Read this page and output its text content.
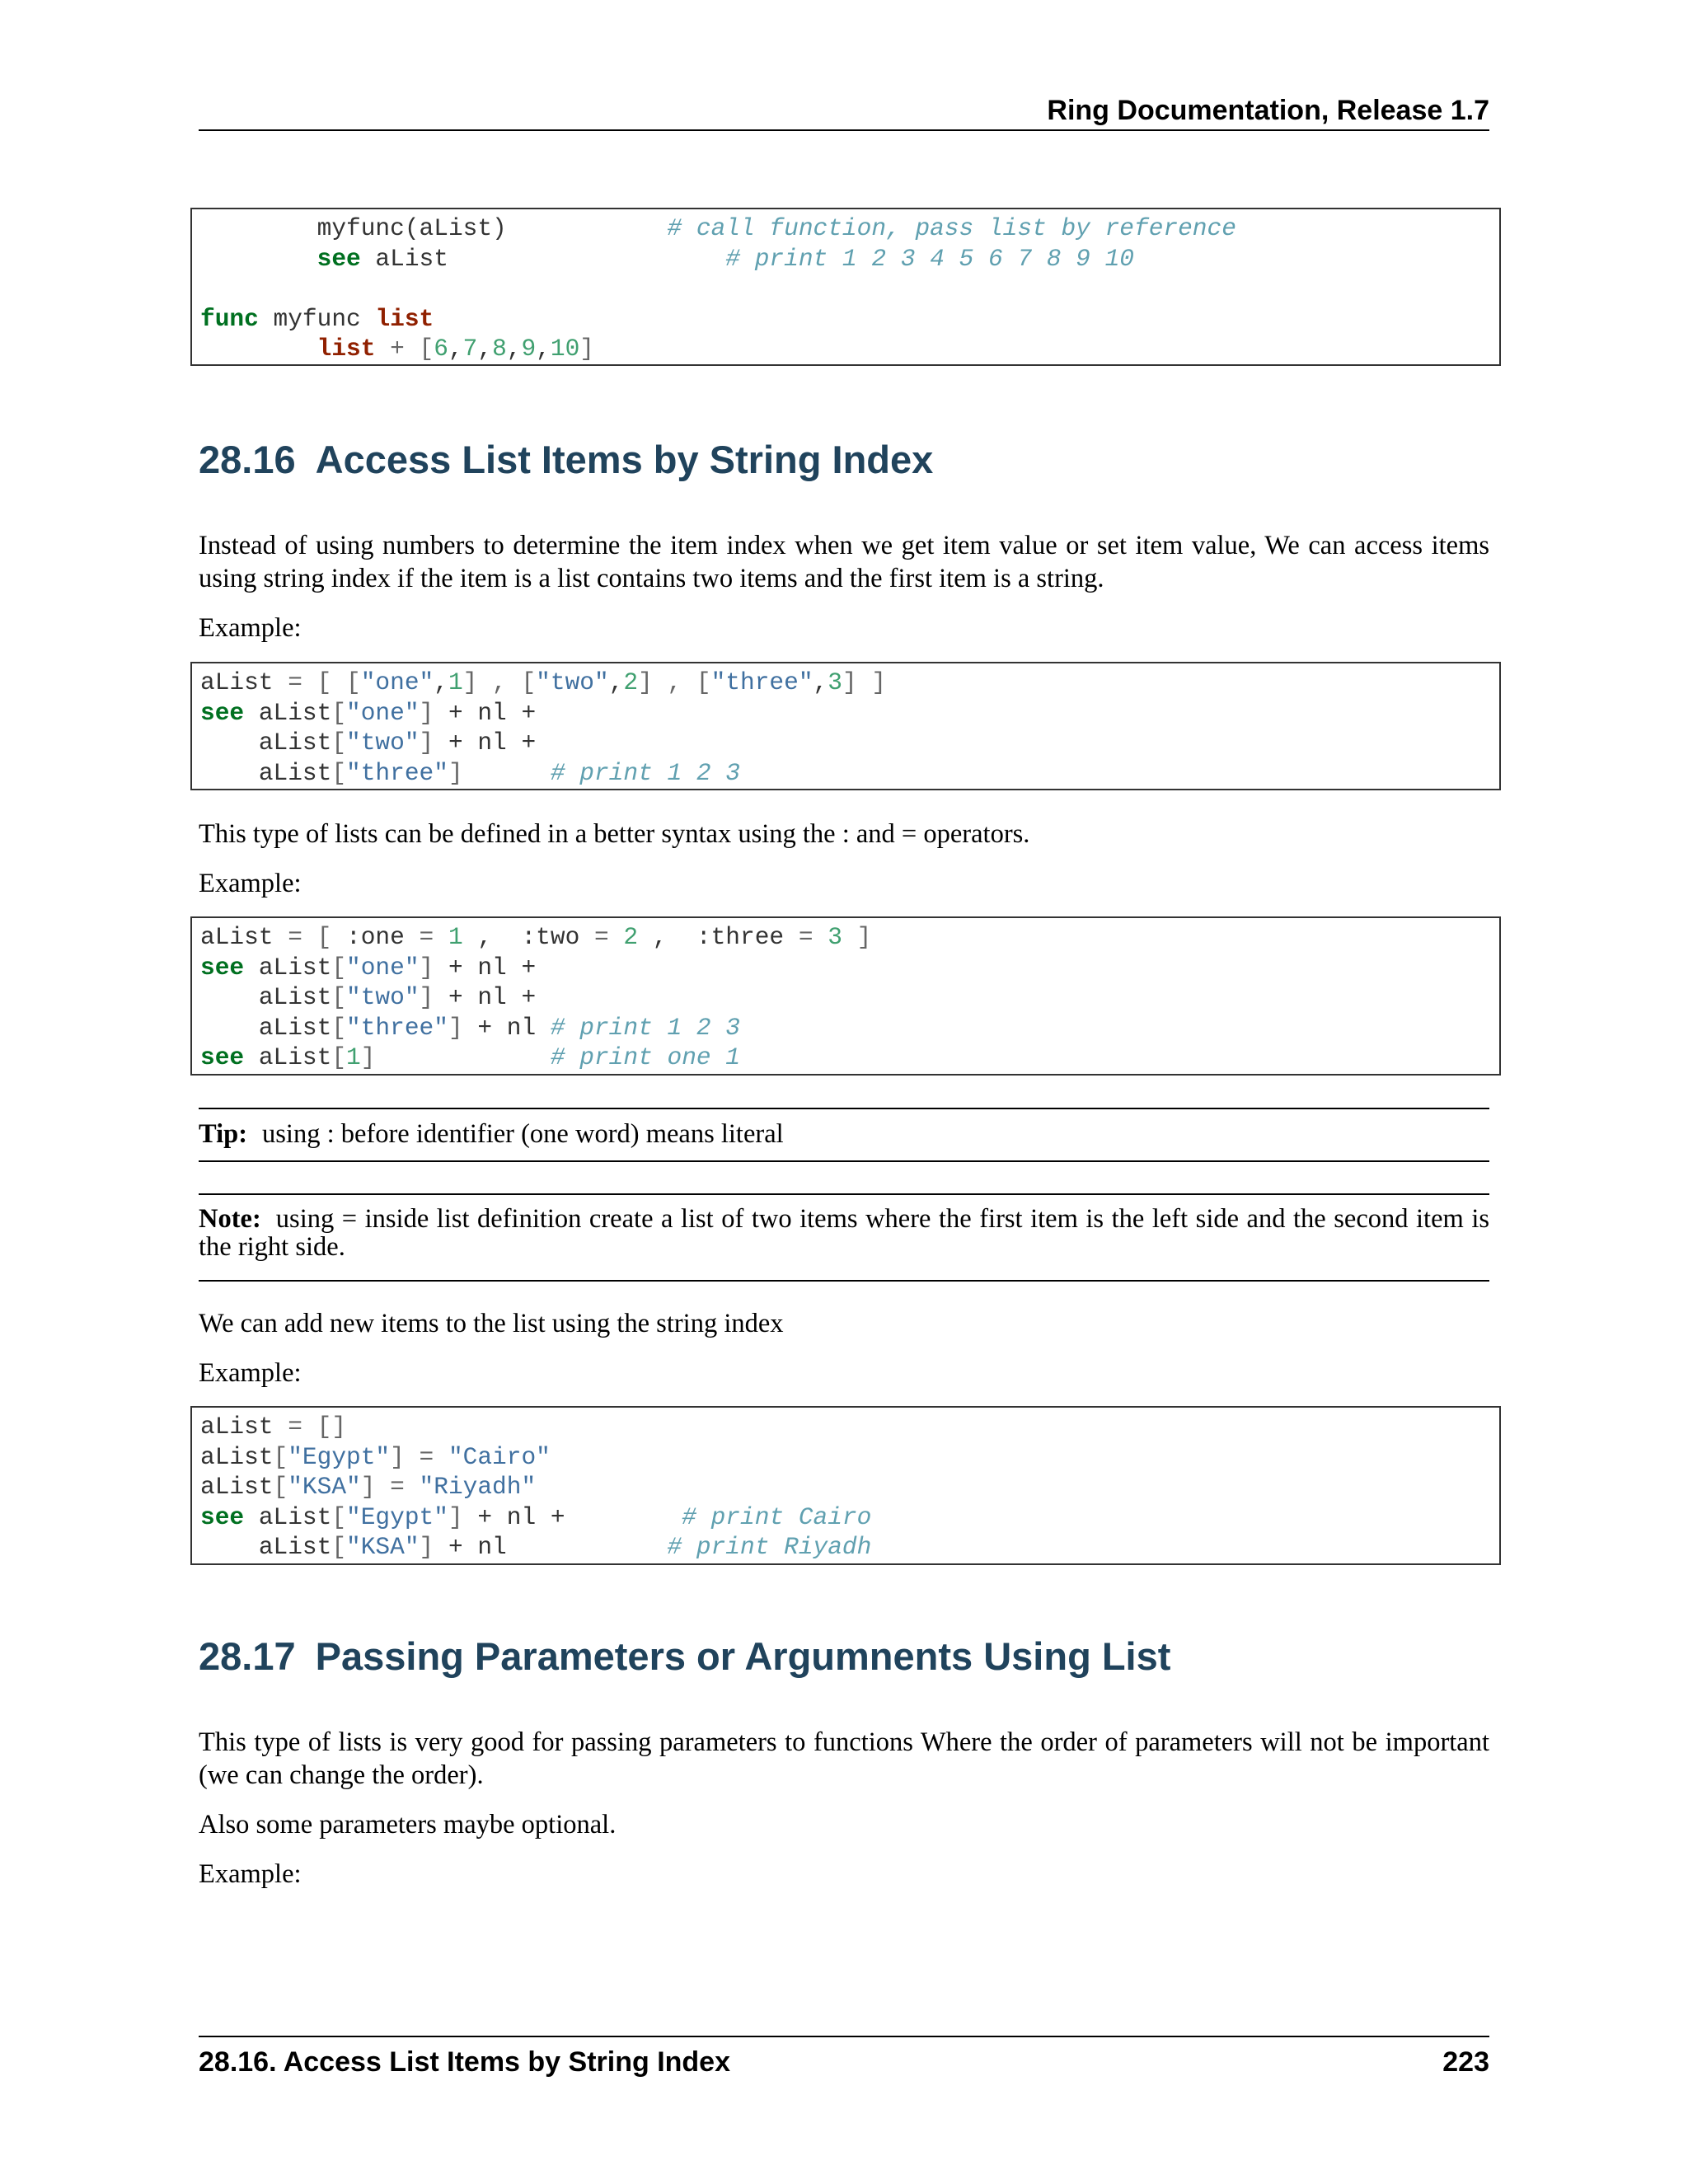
Ring Documentation, Release 1.7
myfunc(aList)           # call function, pass list by reference
see aList                   # print 1 2 3 4 5 6 7 8 9 10

func myfunc list
list + [6,7,8,9,10]
28.16 Access List Items by String Index

Instead of using numbers to determine the item index when we get item value or set item value, We can access items using string index if the item is a list contains two items and the first item is a string.

Example:

aList = [ ["one",1] , ["two",2] , ["three",3] ]
see aList["one"] + nl +
aList["two"] + nl +
aList["three"]	# print 1 2 3

This type of lists can be defined in a better syntax using the : and = operators.

Example:

aList = [ :one = 1 ,  :two = 2 ,  :three = 3 ]
see aList["one"] + nl +
aList["two"] + nl +
aList["three"] + nl # print 1 2 3
see aList[1]	# print one 1

Tip: using : before identifier (one word) means literal

Note: using = inside list definition create a list of two items where the first item is the left side and the second item is the right side.

We can add new items to the list using the string index

Example:

aList = []
aList["Egypt"] = "Cairo"
aList["KSA"] = "Riyadh"
see aList["Egypt"] + nl +        # print Cairo
aList["KSA"] + nl           # print Riyadh
28.17 Passing Parameters or Argumnents Using List

This type of lists is very good for passing parameters to functions Where the order of parameters will not be important (we can change the order).

Also some parameters maybe optional.

Example:

28.16. Access List Items by String Index	223
